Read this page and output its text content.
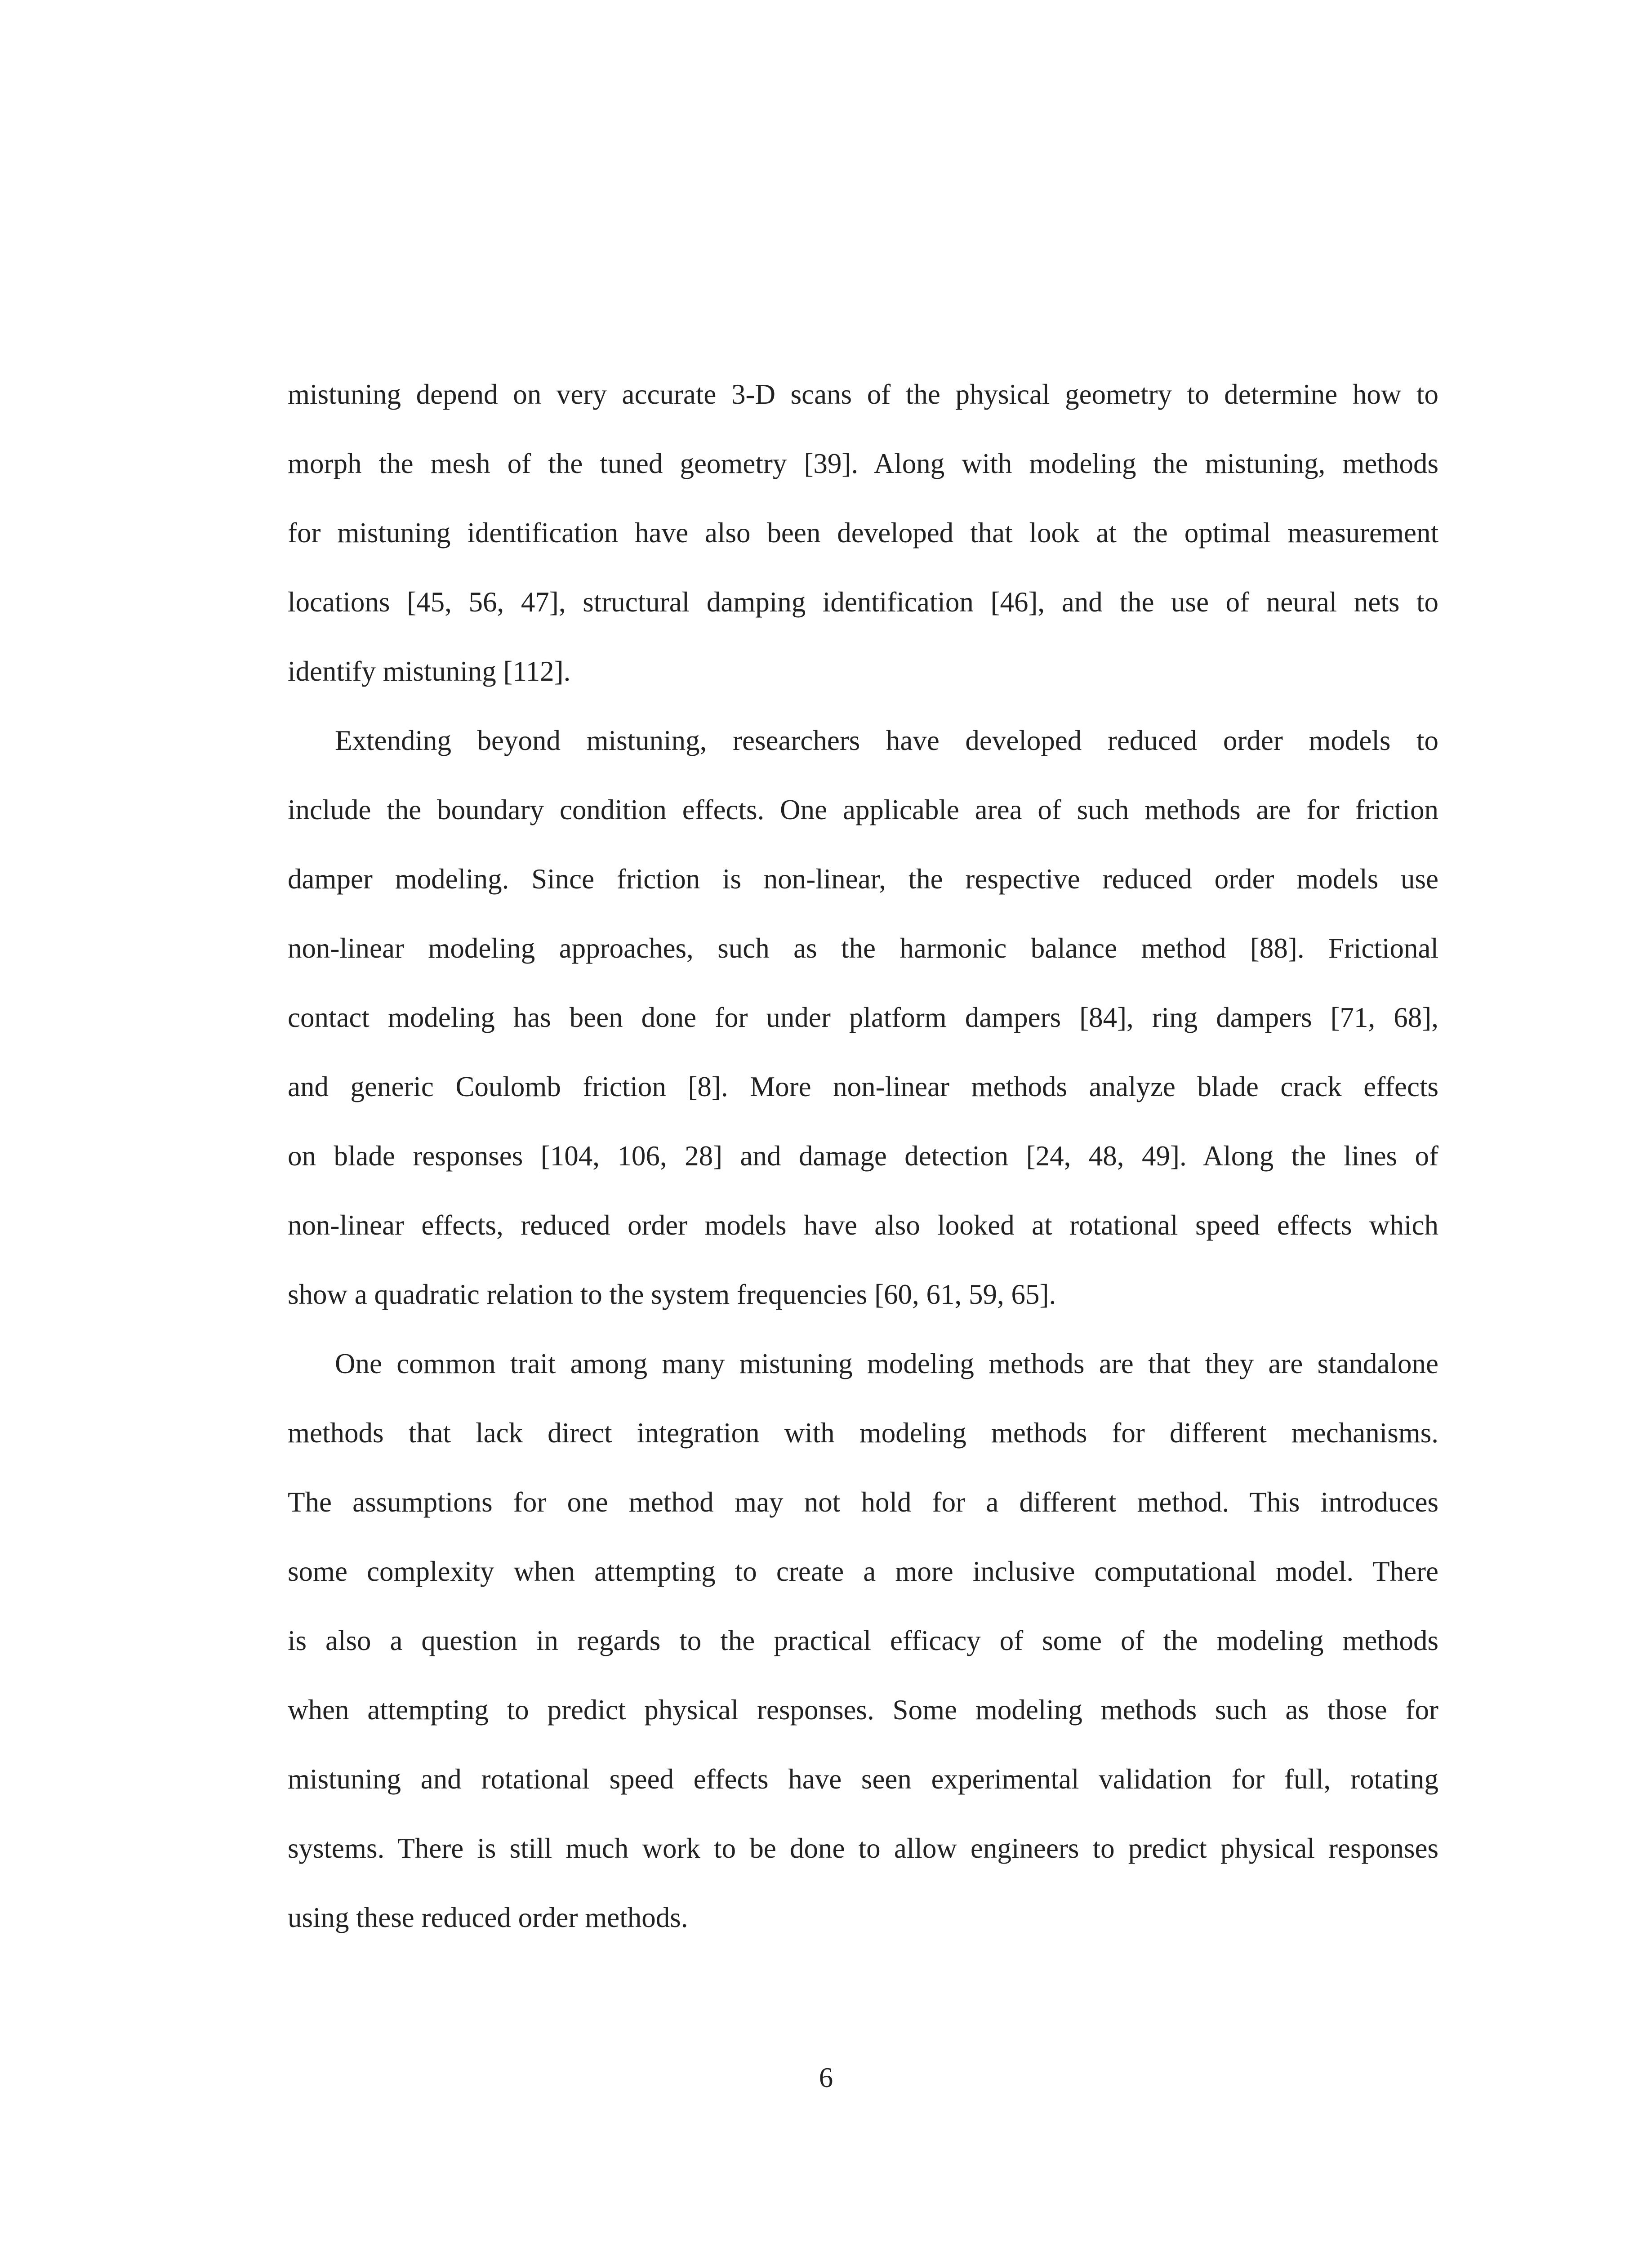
mistuning depend on very accurate 3-D scans of the physical geometry to determine how to
morph the mesh of the tuned geometry [39]. Along with modeling the mistuning, methods
for mistuning identification have also been developed that look at the optimal measurement
locations [45, 56, 47], structural damping identification [46], and the use of neural nets to
identify mistuning [112].
Extending beyond mistuning, researchers have developed reduced order models to
include the boundary condition effects. One applicable area of such methods are for friction
damper modeling. Since friction is non-linear, the respective reduced order models use
non-linear modeling approaches, such as the harmonic balance method [88]. Frictional
contact modeling has been done for under platform dampers [84], ring dampers [71, 68],
and generic Coulomb friction [8]. More non-linear methods analyze blade crack effects
on blade responses [104, 106, 28] and damage detection [24, 48, 49]. Along the lines of
non-linear effects, reduced order models have also looked at rotational speed effects which
show a quadratic relation to the system frequencies [60, 61, 59, 65].
One common trait among many mistuning modeling methods are that they are standalone
methods that lack direct integration with modeling methods for different mechanisms.
The assumptions for one method may not hold for a different method. This introduces
some complexity when attempting to create a more inclusive computational model. There
is also a question in regards to the practical efficacy of some of the modeling methods
when attempting to predict physical responses. Some modeling methods such as those for
mistuning and rotational speed effects have seen experimental validation for full, rotating
systems. There is still much work to be done to allow engineers to predict physical responses
using these reduced order methods.
6
